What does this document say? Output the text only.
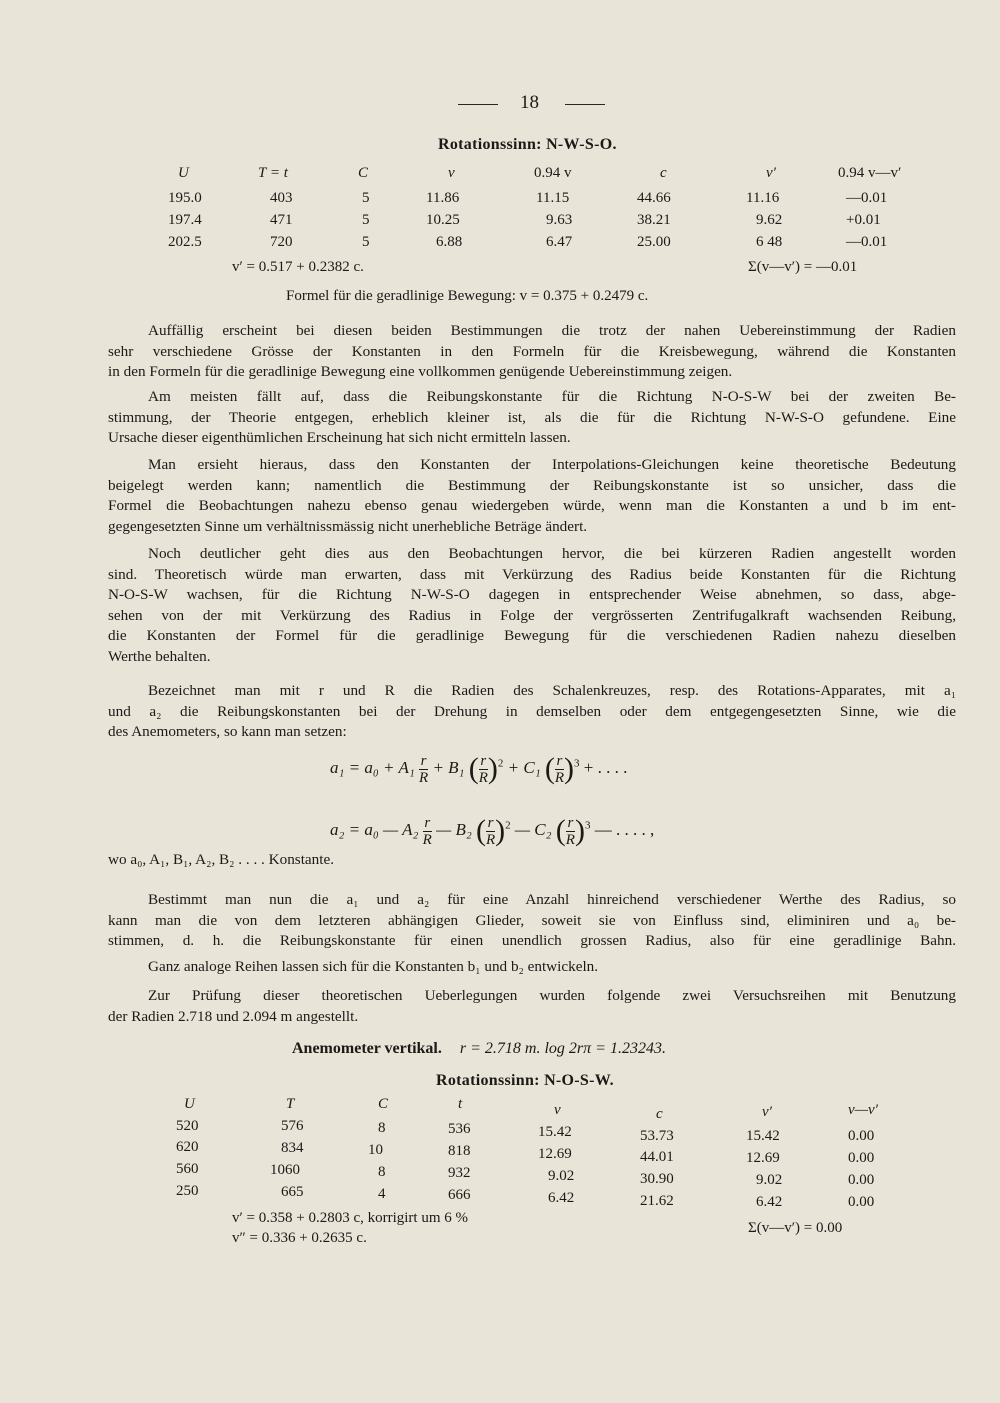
18
Rotationssinn: N-W-S-O.
U	T = t	C	v	0.94 v	c	v′	0.94 v—v′
195.0	403	5	11.86	11.15	44.66	11.16	—0.01
197.4	471	5	10.25	9.63	38.21	9.62	+0.01
202.5	720	5	6.88	6.47	25.00	6 48	—0.01
v′ = 0.517 + 0.2382 c.	Σ(v—v′) = —0.01
Formel für die geradlinige Bewegung: v = 0.375 + 0.2479 c.
Auffällig erscheint bei diesen beiden Bestimmungen die trotz der nahen Uebereinstimmung der Radien
sehr verschiedene Grösse der Konstanten in den Formeln für die Kreisbewegung, während die Konstanten
in den Formeln für die geradlinige Bewegung eine vollkommen genügende Uebereinstimmung zeigen.
Am meisten fällt auf, dass die Reibungskonstante für die Richtung N-O-S-W bei der zweiten Be-
stimmung, der Theorie entgegen, erheblich kleiner ist, als die für die Richtung N-W-S-O gefundene. Eine
Ursache dieser eigenthümlichen Erscheinung hat sich nicht ermitteln lassen.
Man ersieht hieraus, dass den Konstanten der Interpolations-Gleichungen keine theoretische Bedeutung
beigelegt werden kann; namentlich die Bestimmung der Reibungskonstante ist so unsicher, dass die
Formel die Beobachtungen nahezu ebenso genau wiedergeben würde, wenn man die Konstanten a und b im ent-
gegengesetzten Sinne um verhältnissmässig nicht unerhebliche Beträge ändert.
Noch deutlicher geht dies aus den Beobachtungen hervor, die bei kürzeren Radien angestellt worden
sind. Theoretisch würde man erwarten, dass mit Verkürzung des Radius beide Konstanten für die Richtung
N-O-S-W wachsen, für die Richtung N-W-S-O dagegen in entsprechender Weise abnehmen, so dass, abge-
sehen von der mit Verkürzung des Radius in Folge der vergrösserten Zentrifugalkraft wachsenden Reibung,
die Konstanten der Formel für die geradlinige Bewegung für die verschiedenen Radien nahezu dieselben
Werthe behalten.
Bezeichnet man mit r und R die Radien des Schalenkreuzes, resp. des Rotations-Apparates, mit a₁
und a₂ die Reibungskonstanten bei der Drehung in demselben oder dem entgegengesetzten Sinne, wie die
des Anemometers, so kann man setzen:
$a_1 = a_0 + A_1 \frac{r}{R} + B_1$ ( $\frac{r}{R} )^2 + C_1$ ( $\frac{r}{R} )^3$ + . . . .
a₂ = a₀ — $A_2 \frac{r}{R}$ — B₂ ( $\frac{r}{R} )^2$ — C₂ ( $\frac{r}{R} )^3$ — . . . . ,
wo a₀, A₁, B₁, A₂, B₂ . . . . Konstante.
Bestimmt man nun die a₁ und a₂ für eine Anzahl hinreichend verschiedener Werthe des Radius, so
kann man die von dem letzteren abhängigen Glieder, soweit sie von Einfluss sind, eliminiren und a₀ be-
stimmen, d. h. die Reibungskonstante für einen unendlich grossen Radius, also für eine geradlinige Bahn.
Ganz analoge Reihen lassen sich für die Konstanten b₁ und b₂ entwickeln.
Zur Prüfung dieser theoretischen Ueberlegungen wurden folgende zwei Versuchsreihen mit Benutzung
der Radien 2.718 und 2.094 m angestellt.
Anemometer vertikal. r = 2.718 m. log 2rπ = 1.23243.
Rotationssinn: N-O-S-W.
U	T	C	t	v	c	v′	v—v′
520	576	8	536	15.42	53.73	15.42	0.00
620	834	10	818	12.69	44.01	12.69	0.00
560	1060	8	932	9.02	30.90	9.02	0.00
250	665	4	666	6.42	21.62	6.42	0.00
v′ = 0.358 + 0.2803 c, korrigirt um 6 %
v″ = 0.336 + 0.2635 c.
Σ(v—v′) = 0.00
